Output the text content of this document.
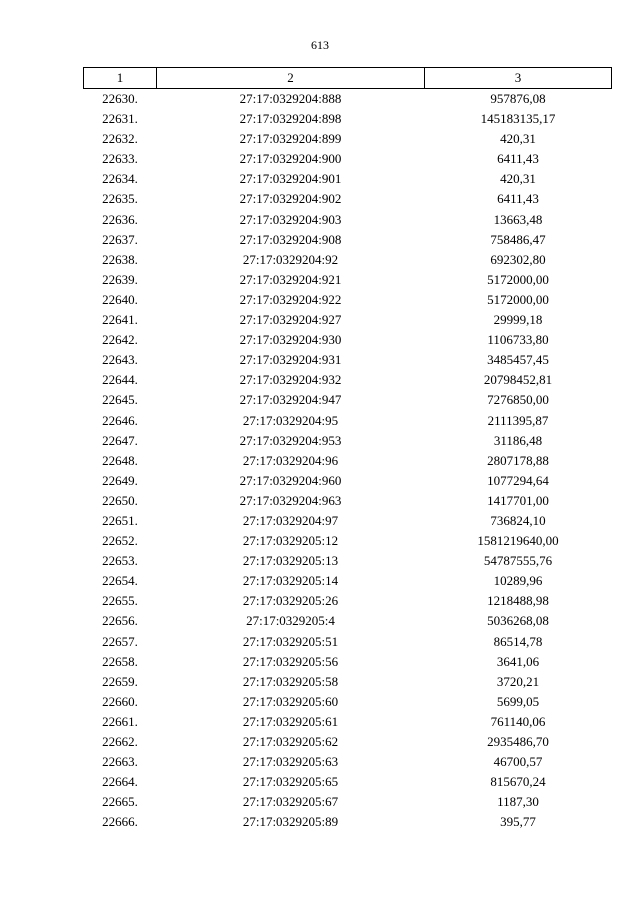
613
1	2	3
22630.	27:17:0329204:888	957876,08
22631.	27:17:0329204:898	145183135,17
22632.	27:17:0329204:899	420,31
22633.	27:17:0329204:900	6411,43
22634.	27:17:0329204:901	420,31
22635.	27:17:0329204:902	6411,43
22636.	27:17:0329204:903	13663,48
22637.	27:17:0329204:908	758486,47
22638.	27:17:0329204:92	692302,80
22639.	27:17:0329204:921	5172000,00
22640.	27:17:0329204:922	5172000,00
22641.	27:17:0329204:927	29999,18
22642.	27:17:0329204:930	1106733,80
22643.	27:17:0329204:931	3485457,45
22644.	27:17:0329204:932	20798452,81
22645.	27:17:0329204:947	7276850,00
22646.	27:17:0329204:95	2111395,87
22647.	27:17:0329204:953	31186,48
22648.	27:17:0329204:96	2807178,88
22649.	27:17:0329204:960	1077294,64
22650.	27:17:0329204:963	1417701,00
22651.	27:17:0329204:97	736824,10
22652.	27:17:0329205:12	1581219640,00
22653.	27:17:0329205:13	54787555,76
22654.	27:17:0329205:14	10289,96
22655.	27:17:0329205:26	1218488,98
22656.	27:17:0329205:4	5036268,08
22657.	27:17:0329205:51	86514,78
22658.	27:17:0329205:56	3641,06
22659.	27:17:0329205:58	3720,21
22660.	27:17:0329205:60	5699,05
22661.	27:17:0329205:61	761140,06
22662.	27:17:0329205:62	2935486,70
22663.	27:17:0329205:63	46700,57
22664.	27:17:0329205:65	815670,24
22665.	27:17:0329205:67	1187,30
22666.	27:17:0329205:89	395,77
